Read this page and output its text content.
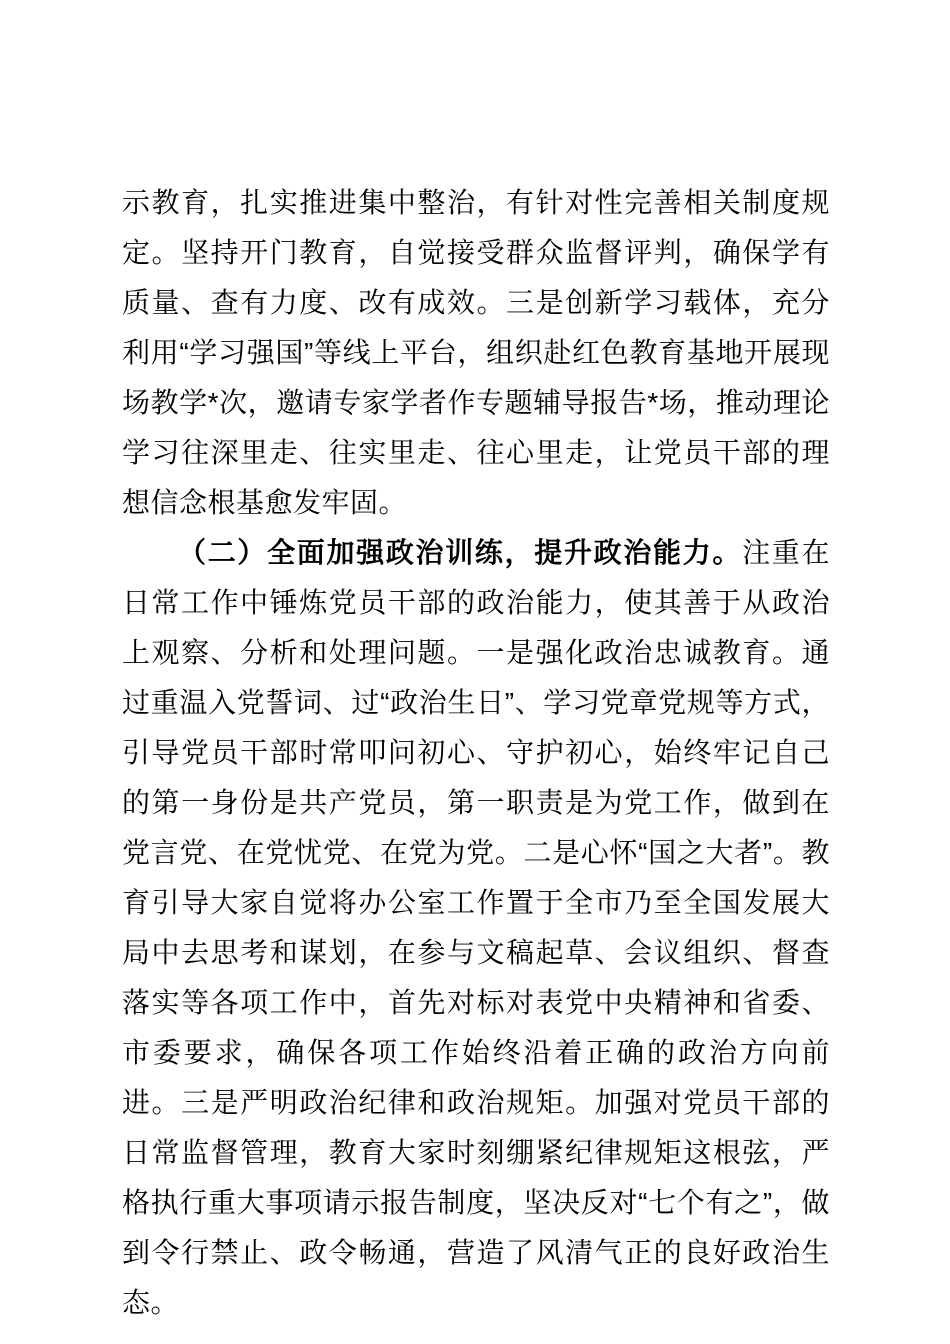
示教育，扎实推进集中整治，有针对性完善相关制度规定。坚持开门教育，自觉接受群众监督评判，确保学有质量、查有力度、改有成效。三是创新学习载体，充分利用“学习强国”等线上平台，组织赴红色教育基地开展现场教学*次，邀请专家学者作专题辅导报告*场，推动理论学习往深里走、往实里走、往心里走，让党员干部的理想信念根基愈发牢固。

（二）全面加强政治训练，提升政治能力。注重在日常工作中锤炼党员干部的政治能力，使其善于从政治上观察、分析和处理问题。一是强化政治忠诚教育。通过重温入党誓词、过“政治生日”、学习党章党规等方式，引导党员干部时常叩问初心、守护初心，始终牢记自己的第一身份是共产党员，第一职责是为党工作，做到在党言党、在党忧党、在党为党。二是心怀“国之大者”。教育引导大家自觉将办公室工作置于全市乃至全国发展大局中去思考和谋划，在参与文稿起草、会议组织、督查落实等各项工作中，首先对标对表党中央精神和省委、市委要求，确保各项工作始终沿着正确的政治方向前进。三是严明政治纪律和政治规矩。加强对党员干部的日常监督管理，教育大家时刻绷紧纪律规矩这根弦，严格执行重大事项请示报告制度，坚决反对“七个有之”，做到令行禁止、政令畅通，营造了风清气正的良好政治生态。
